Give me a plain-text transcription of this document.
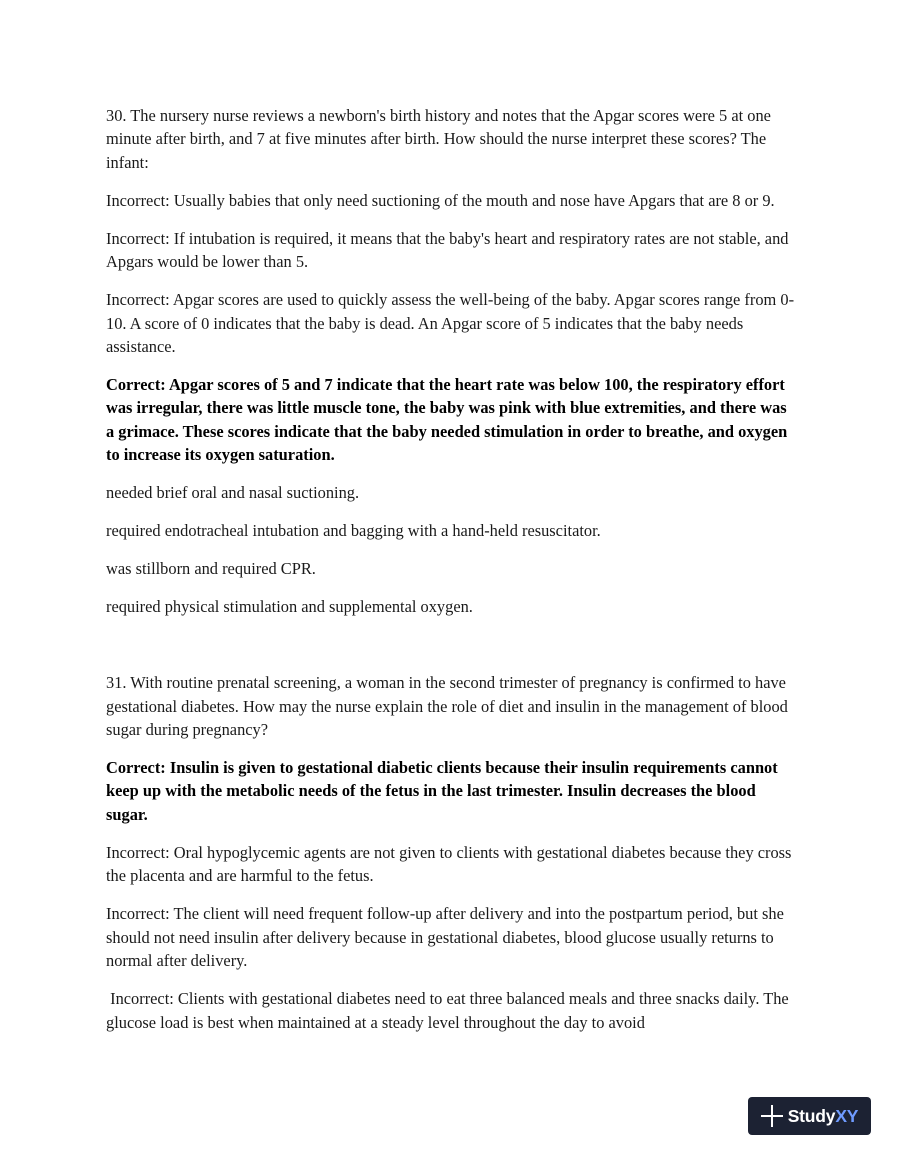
30. The nursery nurse reviews a newborn's birth history and notes that the Apgar scores were 5 at one minute after birth, and 7 at five minutes after birth. How should the nurse interpret these scores? The infant:

Incorrect: Usually babies that only need suctioning of the mouth and nose have Apgars that are 8 or 9.

Incorrect: If intubation is required, it means that the baby's heart and respiratory rates are not stable, and Apgars would be lower than 5.

Incorrect: Apgar scores are used to quickly assess the well-being of the baby. Apgar scores range from 0-10. A score of 0 indicates that the baby is dead. An Apgar score of 5 indicates that the baby needs assistance.

Correct: Apgar scores of 5 and 7 indicate that the heart rate was below 100, the respiratory effort was irregular, there was little muscle tone, the baby was pink with blue extremities, and there was a grimace. These scores indicate that the baby needed stimulation in order to breathe, and oxygen to increase its oxygen saturation.

needed brief oral and nasal suctioning.

required endotracheal intubation and bagging with a hand-held resuscitator.

was stillborn and required CPR.

required physical stimulation and supplemental oxygen.

31. With routine prenatal screening, a woman in the second trimester of pregnancy is confirmed to have gestational diabetes. How may the nurse explain the role of diet and insulin in the management of blood sugar during pregnancy?

Correct: Insulin is given to gestational diabetic clients because their insulin requirements cannot keep up with the metabolic needs of the fetus in the last trimester. Insulin decreases the blood sugar.

Incorrect: Oral hypoglycemic agents are not given to clients with gestational diabetes because they cross the placenta and are harmful to the fetus.

Incorrect: The client will need frequent follow-up after delivery and into the postpartum period, but she should not need insulin after delivery because in gestational diabetes, blood glucose usually returns to normal after delivery.

Incorrect: Clients with gestational diabetes need to eat three balanced meals and three snacks daily. The glucose load is best when maintained at a steady level throughout the day to avoid

StudyXY
